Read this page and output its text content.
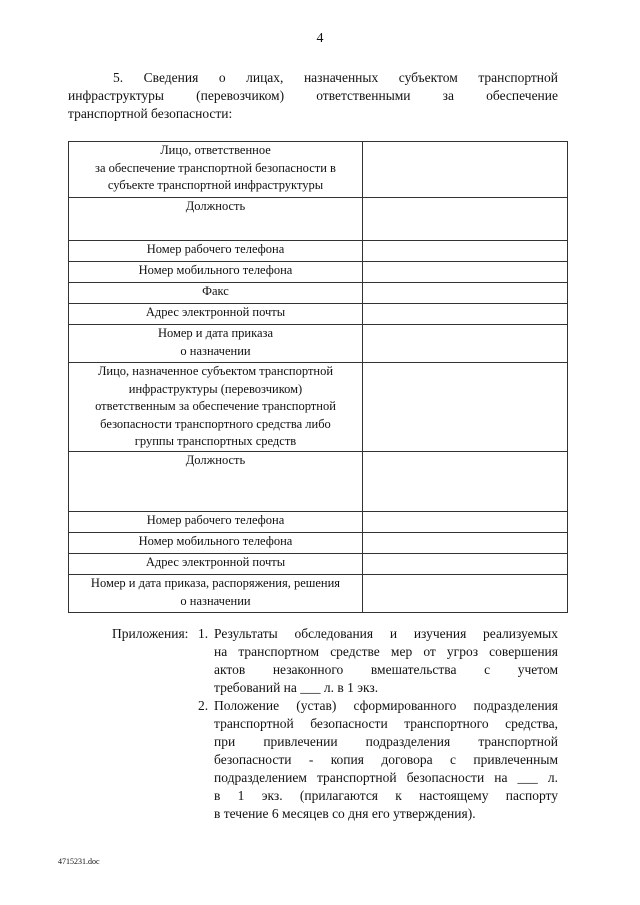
4
5. Сведения о лицах, назначенных субъектом транспортной
инфраструктуры (перевозчиком) ответственными за обеспечение
транспортной безопасности:
Лицо, ответственное
за обеспечение транспортной безопасности в
субъекте транспортной инфраструктуры	
Должность	
Номер рабочего телефона	
Номер мобильного телефона	
Факс	
Адрес электронной почты	
Номер и дата приказа
о назначении	
Лицо, назначенное субъектом транспортной
инфраструктуры (перевозчиком)
ответственным за обеспечение транспортной
безопасности транспортного средства либо
группы транспортных средств	
Должность	
Номер рабочего телефона	
Номер мобильного телефона	
Адрес электронной почты	
Номер и дата приказа, распоряжения, решения
о назначении	
Приложения: 1. Результаты обследования и изучения реализуемых
на транспортном средстве мер от угроз совершения
актов незаконного вмешательства с учетом
требований на ___ л. в 1 экз.
2. Положение (устав) сформированного подразделения
транспортной безопасности транспортного средства,
при привлечении подразделения транспортной
безопасности - копия договора с привлеченным
подразделением транспортной безопасности на ___ л.
в 1 экз. (прилагаются к настоящему паспорту
в течение 6 месяцев со дня его утверждения).
4715231.doc
